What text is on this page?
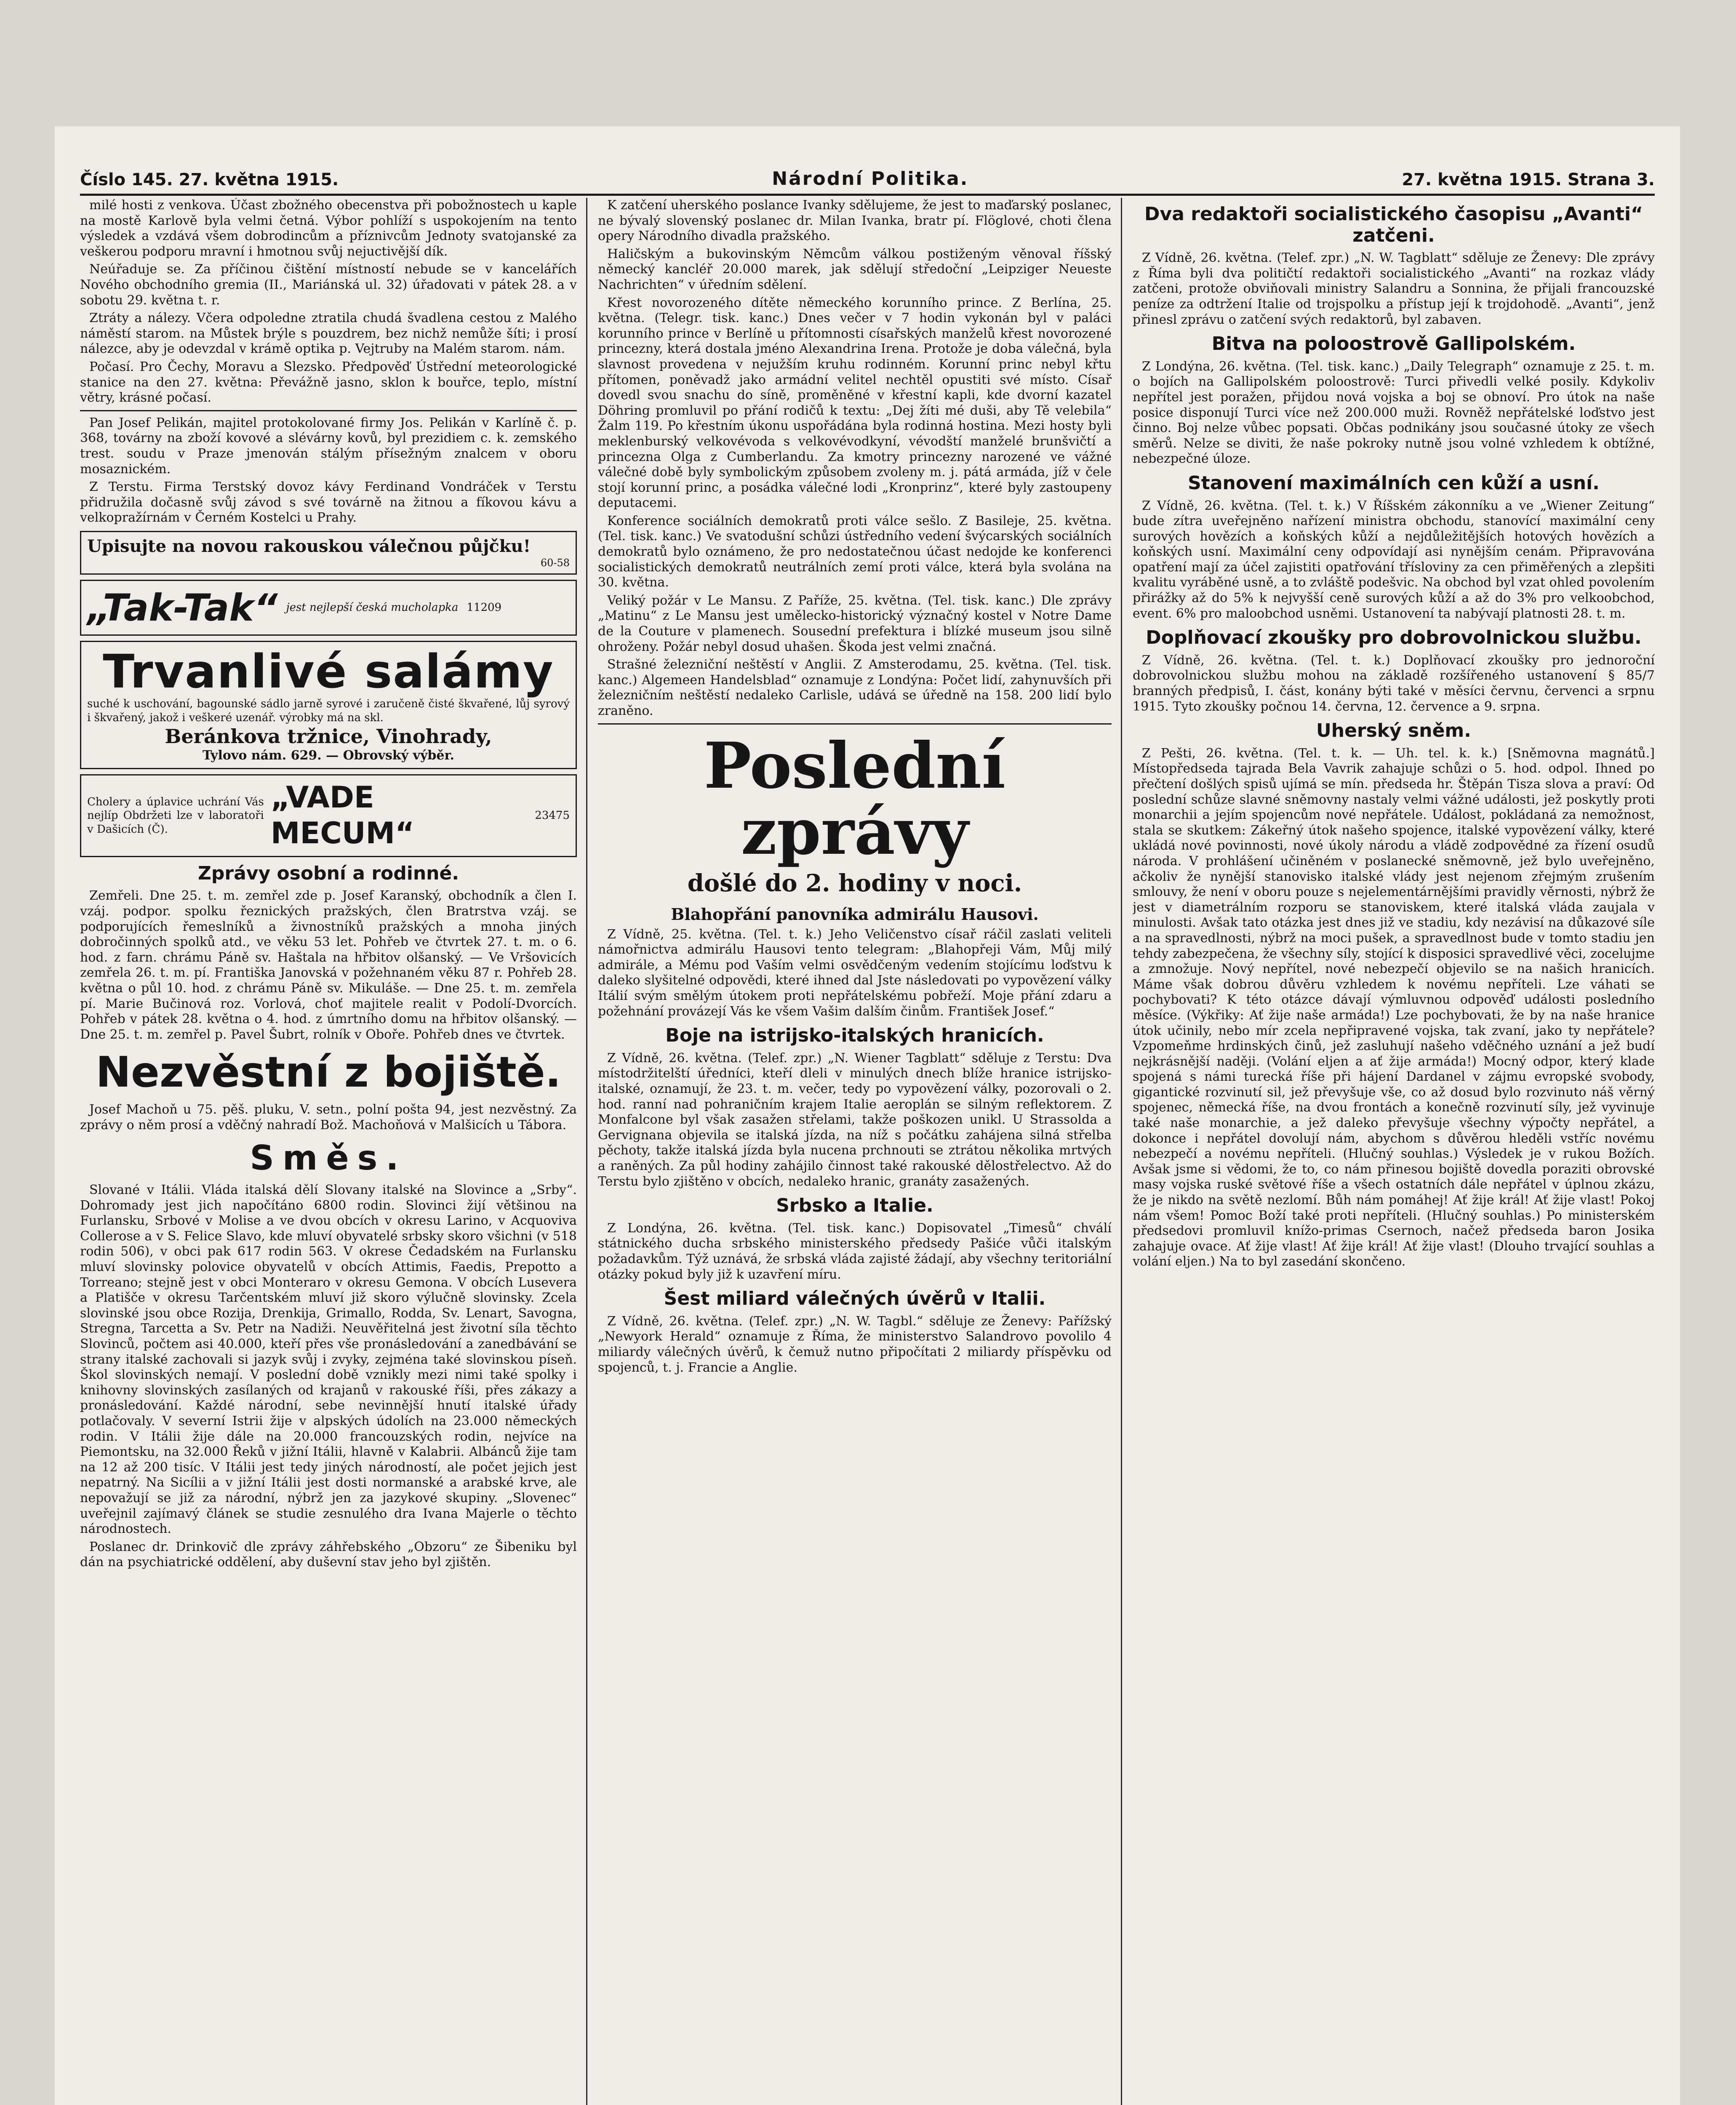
Číslo 145. 27. května 1915.	Národní Politika.	27. května 1915. Strana 3.

milé hosti z venkova. Účast zbožného obecenstva při pobožnostech u kaple na mostě Karlově byla velmi četná. Výbor pohlíží s uspokojením na tento výsledek a vzdává všem dobrodincům a příznivcům Jednoty svatojanské za veškerou podporu mravní i hmotnou svůj nejuctivější dík.

Neúřaduje se. Za příčinou čištění místností nebude se v kancelářích Nového obchodního gremia (II., Mariánská ul. 32) úřadovati v pátek 28. a v sobotu 29. května t. r.

Ztráty a nálezy. Včera odpoledne ztratila chudá švadlena cestou z Malého náměstí starom. na Můstek brýle s pouzdrem, bez nichž nemůže šíti; i prosí nálezce, aby je odevzdal v krámě optika p. Vejtruby na Malém starom. nám.

Počasí. Pro Čechy, Moravu a Slezsko. Předpověď Ústřední meteorologické stanice na den 27. května: Převážně jasno, sklon k bouřce, teplo, místní větry, krásné počasí.

Pan Josef Pelikán, majitel protokolované firmy Jos. Pelikán v Karlíně č. p. 368, továrny na zboží kovové a slévárny kovů, byl prezidiem c. k. zemského trest. soudu v Praze jmenován stálým přísežným znalcem v oboru mosaznickém.

Z Terstu. Firma Terstský dovoz kávy Ferdinand Vondráček v Terstu přidružila dočasně svůj závod s své továrně na žitnou a fíkovou kávu a velkopražírnám v Černém Kostelci u Prahy.

Upisujte na novou rakouskou válečnou půjčku!
60-58
„Tak-Tak“ jest nejlepší česká mucholapka 11209
Trvanlivé salámy
suché k uschování, bagounské sádlo jarně syrové i zaručeně čisté škvařené, lůj syrový i škvařený, jakož i veškeré uzenář. výrobky má na skl.
Beránkova tržnice, Vinohrady,
Tylovo nám. 629. — Obrovský výběr.
Cholery a úplavice uchrání Vás nejlíp Obdržeti lze v laboratoři v Dašicích (Č).
„VADE MECUM“
23475
Zprávy osobní a rodinné.

Zemřeli. Dne 25. t. m. zemřel zde p. Josef Karanský, obchodník a člen I. vzáj. podpor. spolku řeznických pražských, člen Bratrstva vzáj. se podporujících řemeslníků a živnostníků pražských a mnoha jiných dobročinných spolků atd., ve věku 53 let. Pohřeb ve čtvrtek 27. t. m. o 6. hod. z farn. chrámu Páně sv. Haštala na hřbitov olšanský. — Ve Vršovicích zemřela 26. t. m. pí. Františka Janovská v požehnaném věku 87 r. Pohřeb 28. května o půl 10. hod. z chrámu Páně sv. Mikuláše. — Dne 25. t. m. zemřela pí. Marie Bučinová roz. Vorlová, choť majitele realit v Podolí-Dvorcích. Pohřeb v pátek 28. května o 4. hod. z úmrtního domu na hřbitov olšanský. — Dne 25. t. m. zemřel p. Pavel Šubrt, rolník v Oboře. Pohřeb dnes ve čtvrtek.

Nezvěstní z bojiště.

Josef Machoň u 75. pěš. pluku, V. setn., polní pošta 94, jest nezvěstný. Za zprávy o něm prosí a vděčný nahradí Bož. Machoňová v Malšicích u Tábora.

Směs.

Slované v Itálii. Vláda italská dělí Slovany italské na Slovince a „Srby“. Dohromady jest jich napočítáno 6800 rodin. Slovinci žijí většinou na Furlansku, Srbové v Molise a ve dvou obcích v okresu Larino, v Acquoviva Collerose a v S. Felice Slavo, kde mluví obyvatelé srbsky skoro všichni (v 518 rodin 506), v obci pak 617 rodin 563. V okrese Čedadském na Furlansku mluví slovinsky polovice obyvatelů v obcích Attimis, Faedis, Prepotto a Torreano; stejně jest v obci Monteraro v okresu Gemona. V obcích Lusevera a Platišče v okresu Tarčentském mluví již skoro výlučně slovinsky. Zcela slovinské jsou obce Rozija, Drenkija, Grimallo, Rodda, Sv. Lenart, Savogna, Stregna, Tarcetta a Sv. Petr na Nadiži. Neuvěřitelná jest životní síla těchto Slovinců, počtem asi 40.000, kteří přes vše pronásledování a zanedbávání se strany italské zachovali si jazyk svůj i zvyky, zejména také slovinskou píseň. Škol slovinských nemají. V poslední době vznikly mezi nimi také spolky i knihovny slovinských zasílaných od krajanů v rakouské říši, přes zákazy a pronásledování. Každé národní, sebe nevinnější hnutí italské úřady potlačovaly. V severní Istrii žije v alpských údolích na 23.000 německých rodin. V Itálii žije dále na 20.000 francouzských rodin, nejvíce na Piemontsku, na 32.000 Řeků v jižní Itálii, hlavně v Kalabrii. Albánců žije tam na 12 až 200 tisíc. V Itálii jest tedy jiných národností, ale počet jejich jest nepatrný. Na Sicílii a v jižní Itálii jest dosti normanské a arabské krve, ale nepovažují se již za národní, nýbrž jen za jazykové skupiny. „Slovenec“ uveřejnil zajímavý článek se studie zesnulého dra Ivana Majerle o těchto národnostech.

Poslanec dr. Drinkovič dle zprávy záhřebského „Obzoru“ ze Šibeniku byl dán na psychiatrické oddělení, aby duševní stav jeho byl zjištěn.

K zatčení uherského poslance Ivanky sdělujeme, že jest to maďarský poslanec, ne bývalý slovenský poslanec dr. Milan Ivanka, bratr pí. Flöglové, choti člena opery Národního divadla pražského.

Haličským a bukovinským Němcům válkou postiženým věnoval říšský německý kancléř 20.000 marek, jak sdělují středoční „Leipziger Neueste Nachrichten“ v úředním sdělení.

Křest novorozeného dítěte německého korunního prince. Z Berlína, 25. května. (Telegr. tisk. kanc.) Dnes večer v 7 hodin vykonán byl v paláci korunního prince v Berlíně u přítomnosti císařských manželů křest novorozené princezny, která dostala jméno Alexandrina Irena. Protože je doba válečná, byla slavnost provedena v nejužším kruhu rodinném. Korunní princ nebyl křtu přítomen, poněvadž jako armádní velitel nechtěl opustiti své místo. Císař dovedl svou snachu do síně, proměněné v křestní kapli, kde dvorní kazatel Döhring promluvil po přání rodičů k textu: „Dej žíti mé duši, aby Tě velebila“ Žalm 119. Po křestním úkonu uspořádána byla rodinná hostina. Mezi hosty byli meklenburský velkovévoda s velkovévodkyní, vévodští manželé brunšvičtí a princezna Olga z Cumberlandu. Za kmotry princezny narozené ve vážné válečné době byly symbolickým způsobem zvoleny m. j. pátá armáda, jíž v čele stojí korunní princ, a posádka válečné lodi „Kronprinz“, které byly zastoupeny deputacemi.

Konference sociálních demokratů proti válce sešlo. Z Basileje, 25. května. (Tel. tisk. kanc.) Ve svatodušní schůzi ústředního vedení švýcarských sociálních demokratů bylo oznámeno, že pro nedostatečnou účast nedojde ke konferenci socialistických demokratů neutrálních zemí proti válce, která byla svolána na 30. května.

Veliký požár v Le Mansu. Z Paříže, 25. května. (Tel. tisk. kanc.) Dle zprávy „Matinu“ z Le Mansu jest umělecko-historický význačný kostel v Notre Dame de la Couture v plamenech. Sousední prefektura i blízké museum jsou silně ohroženy. Požár nebyl dosud uhašen. Škoda jest velmi značná.

Strašné železniční neštěstí v Anglii. Z Amsterodamu, 25. května. (Tel. tisk. kanc.) Algemeen Handelsblad“ oznamuje z Londýna: Počet lidí, zahynuvších při železničním neštěstí nedaleko Carlisle, udává se úředně na 158. 200 lidí bylo zraněno.

Poslední zprávy
došlé do 2. hodiny v noci.
Blahopřání panovníka admirálu Hausovi.

Z Vídně, 25. května. (Tel. t. k.) Jeho Veličenstvo císař ráčil zaslati veliteli námořnictva admirálu Hausovi tento telegram: „Blahopřeji Vám, Můj milý admirále, a Mému pod Vaším velmi osvědčeným vedením stojícímu loďstvu k daleko slyšitelné odpovědi, které ihned dal Jste následovati po vypovězení války Itálií svým smělým útokem proti nepřátelskému pobřeží. Moje přání zdaru a požehnání provázejí Vás ke všem Vašim dalším činům. František Josef.“

Boje na istrijsko-italských hranicích.

Z Vídně, 26. května. (Telef. zpr.) „N. Wiener Tagblatt“ sděluje z Terstu: Dva místodržitelští úředníci, kteří dleli v minulých dnech blíže hranice istrijsko-italské, oznamují, že 23. t. m. večer, tedy po vypovězení války, pozorovali o 2. hod. ranní nad pohraničním krajem Italie aeroplán se silným reflektorem. Z Monfalcone byl však zasažen střelami, takže poškozen unikl. U Strassolda a Gervignana objevila se italská jízda, na níž s počátku zahájena silná střelba pěchoty, takže italská jízda byla nucena prchnouti se ztrátou několika mrtvých a raněných. Za půl hodiny zahájilo činnost také rakouské dělostřelectvo. Až do Terstu bylo zjištěno v obcích, nedaleko hranic, granáty zasažených.

Srbsko a Italie.

Z Londýna, 26. května. (Tel. tisk. kanc.) Dopisovatel „Timesů“ chválí státnického ducha srbského ministerského předsedy Pašiće vůči italským požadavkům. Týž uznává, že srbská vláda zajisté žádají, aby všechny teritoriální otázky pokud byly již k uzavření míru.

Šest miliard válečných úvěrů v Italii.

Z Vídně, 26. května. (Telef. zpr.) „N. W. Tagbl.“ sděluje ze Ženevy: Pařížský „Newyork Herald“ oznamuje z Říma, že ministerstvo Salandrovo povolilo 4 miliardy válečných úvěrů, k čemuž nutno připočítati 2 miliardy příspěvku od spojenců, t. j. Francie a Anglie.

Dva redaktoři socialistického časopisu „Avanti“ zatčeni.

Z Vídně, 26. května. (Telef. zpr.) „N. W. Tagblatt“ sděluje ze Ženevy: Dle zprávy z Říma byli dva političtí redaktoři socialistického „Avanti“ na rozkaz vlády zatčeni, protože obviňovali ministry Salandru a Sonnina, že přijali francouzské peníze za odtržení Italie od trojspolku a přístup její k trojdohodě. „Avanti“, jenž přinesl zprávu o zatčení svých redaktorů, byl zabaven.

Bitva na poloostrově Gallipolském.

Z Londýna, 26. května. (Tel. tisk. kanc.) „Daily Telegraph“ oznamuje z 25. t. m. o bojích na Gallipolském poloostrově: Turci přivedli velké posily. Kdykoliv nepřítel jest poražen, přijdou nová vojska a boj se obnoví. Pro útok na naše posice disponují Turci více než 200.000 muži. Rovněž nepřátelské loďstvo jest činno. Boj nelze vůbec popsati. Občas podnikány jsou současné útoky ze všech směrů. Nelze se diviti, že naše pokroky nutně jsou volné vzhledem k obtížné, nebezpečné úloze.

Stanovení maximálních cen kůží a usní.

Z Vídně, 26. května. (Tel. t. k.) V Říšském zákonníku a ve „Wiener Zeitung“ bude zítra uveřejněno nařízení ministra obchodu, stanovící maximální ceny surových hovězích a koňských kůží a nejdůležitějších hotových hovězích a koňských usní. Maximální ceny odpovídají asi nynějším cenám. Připravována opatření mají za účel zajistiti opatřování třísloviny za cen přiměřených a zlepšiti kvalitu vyráběné usně, a to zvláště podešvic. Na obchod byl vzat ohled povolením přirážky až do 5% k nejvyšší ceně surových kůží a až do 3% pro velkoobchod, event. 6% pro maloobchod usněmi. Ustanovení ta nabývají platnosti 28. t. m.

Doplňovací zkoušky pro dobrovolnickou službu.

Z Vídně, 26. května. (Tel. t. k.) Doplňovací zkoušky pro jednoroční dobrovolnickou službu mohou na základě rozšířeného ustanovení § 85/7 branných předpisů, I. část, konány býti také v měsíci červnu, červenci a srpnu 1915. Tyto zkoušky počnou 14. června, 12. července a 9. srpna.

Uherský sněm.

Z Pešti, 26. května. (Tel. t. k. — Uh. tel. k. k.) [Sněmovna magnátů.] Místopředseda tajrada Bela Vavrik zahajuje schůzi o 5. hod. odpol. Ihned po přečtení došlých spisů ujímá se mín. předseda hr. Štěpán Tisza slova a praví: Od poslední schůze slavné sněmovny nastaly velmi vážné události, jež poskytly proti monarchii a jejím spojencům nové nepřátele. Událost, pokládaná za nemožnost, stala se skutkem: Zákeřný útok našeho spojence, italské vypovězení války, které ukládá nové povinnosti, nové úkoly národu a vládě zodpovědné za řízení osudů národa. V prohlášení učiněném v poslanecké sněmovně, jež bylo uveřejněno, ačkoliv že nynější stanovisko italské vlády jest nejenom zřejmým zrušením smlouvy, že není v oboru pouze s nejelementárnějšími pravidly věrnosti, nýbrž že jest v diametrálním rozporu se stanoviskem, které italská vláda zaujala v minulosti. Avšak tato otázka jest dnes již ve stadiu, kdy nezávisí na důkazové síle a na spravedlnosti, nýbrž na moci pušek, a spravedlnost bude v tomto stadiu jen tehdy zabezpečena, že všechny síly, stojící k disposici spravedlivé věci, zocelujme a zmnožuje. Nový nepřítel, nové nebezpečí objevilo se na našich hranicích. Máme však dobrou důvěru vzhledem k novému nepříteli. Lze váhati se pochybovati? K této otázce dávají výmluvnou odpověď události posledního měsíce. (Výkřiky: Ať žije naše armáda!) Lze pochybovati, že by na naše hranice útok učinily, nebo mír zcela nepřipravené vojska, tak zvaní, jako ty nepřátele? Vzpomeňme hrdinských činů, jež zasluhují našeho vděčného uznání a jež budí nejkrásnější naději. (Volání eljen a ať žije armáda!) Mocný odpor, který klade spojená s námi turecká říše při hájení Dardanel v zájmu evropské svobody, gigantické rozvinutí sil, jež převyšuje vše, co až dosud bylo rozvinuto náš věrný spojenec, německá říše, na dvou frontách a konečně rozvinutí síly, jež vyvinuje také naše monarchie, a jež daleko převyšuje všechny výpočty nepřátel, a dokonce i nepřátel dovolují nám, abychom s důvěrou hleděli vstříc novému nebezpečí a novému nepříteli. (Hlučný souhlas.) Výsledek je v rukou Božích. Avšak jsme si vědomi, že to, co nám přinesou bojiště dovedla poraziti obrovské masy vojska ruské světové říše a všech ostatních dále nepřátel v úplnou zkázu, že je nikdo na světě nezlomí. Bůh nám pomáhej! Ať žije král! Ať žije vlast! Pokoj nám všem! Pomoc Boží také proti nepříteli. (Hlučný souhlas.) Po ministerském předsedovi promluvil knížo-primas Csernoch, načež předseda baron Josika zahajuje ovace. Ať žije vlast! Ať žije král! Ať žije vlast! (Dlouho trvající souhlas a volání eljen.) Na to byl zasedání skončeno.
